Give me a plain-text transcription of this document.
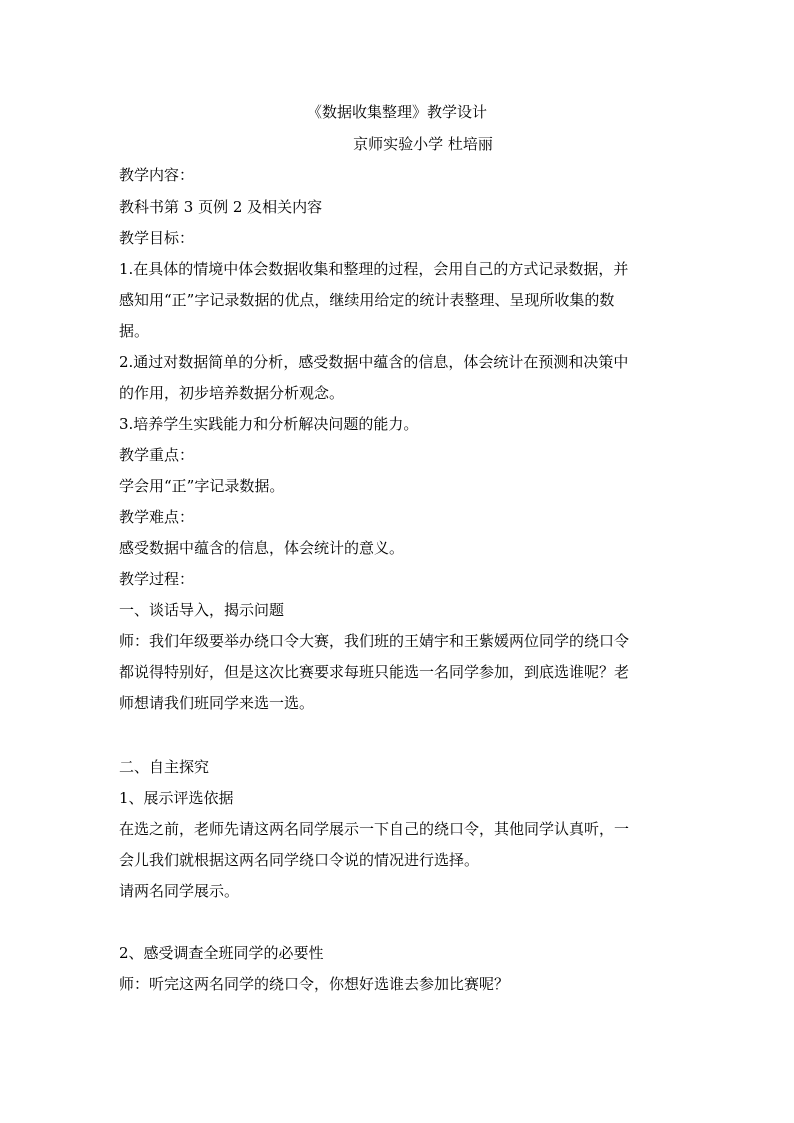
《数据收集整理》教学设计
京师实验小学 杜培丽
教学内容：
教科书第 3 页例 2 及相关内容
教学目标：
1.在具体的情境中体会数据收集和整理的过程，会用自己的方式记录数据，并
感知用“正”字记录数据的优点，继续用给定的统计表整理、呈现所收集的数
据。
2.通过对数据简单的分析，感受数据中蕴含的信息，体会统计在预测和决策中
的作用，初步培养数据分析观念。
3.培养学生实践能力和分析解决问题的能力。
教学重点：
学会用“正”字记录数据。
教学难点：
感受数据中蕴含的信息，体会统计的意义。
教学过程：
一、谈话导入，揭示问题
师：我们年级要举办绕口令大赛，我们班的王婧宇和王紫媛两位同学的绕口令
都说得特别好，但是这次比赛要求每班只能选一名同学参加，到底选谁呢？老
师想请我们班同学来选一选。
二、自主探究
1、展示评选依据
在选之前，老师先请这两名同学展示一下自己的绕口令，其他同学认真听，一
会儿我们就根据这两名同学绕口令说的情况进行选择。
请两名同学展示。
2、感受调查全班同学的必要性
师：听完这两名同学的绕口令，你想好选谁去参加比赛呢？
